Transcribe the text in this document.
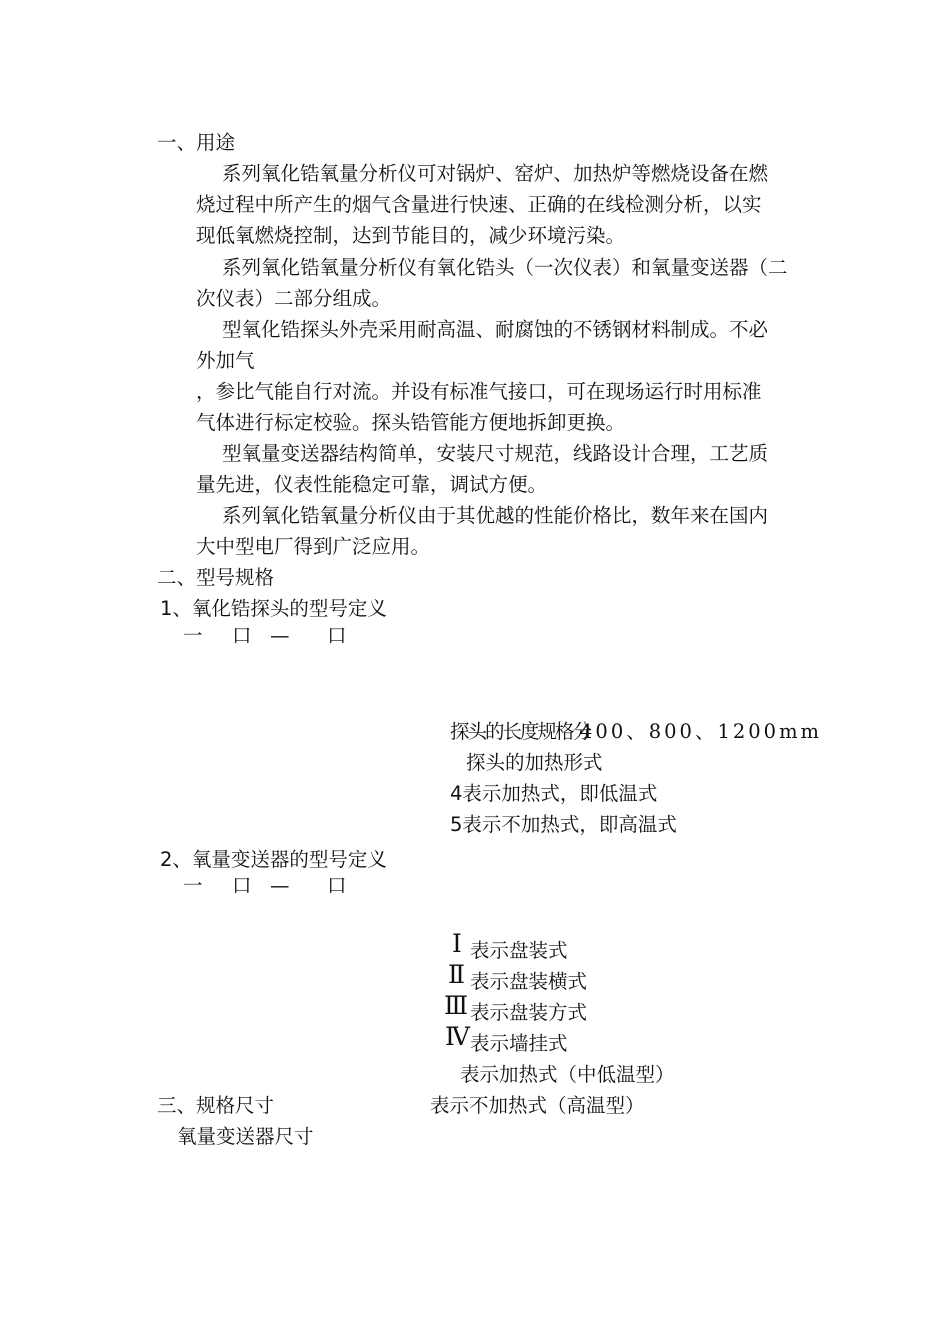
一、用途
系列氧化锆氧量分析仪可对锅炉、窑炉、加热炉等燃烧设备在燃
烧过程中所产生的烟气含量进行快速、正确的在线检测分析，以实
现低氧燃烧控制，达到节能目的，减少环境污染。
系列氧化锆氧量分析仪有氧化锆头（一次仪表）和氧量变送器（二
次仪表）二部分组成。
型氧化锆探头外壳采用耐高温、耐腐蚀的不锈钢材料制成。不必
外加气
，参比气能自行对流。并设有标准气接口，可在现场运行时用标准
气体进行标定校验。探头锆管能方便地拆卸更换。
型氧量变送器结构简单，安装尺寸规范，线路设计合理，工艺质
量先进，仪表性能稳定可靠，调试方便。
系列氧化锆氧量分析仪由于其优越的性能价格比，数年来在国内
大中型电厂得到广泛应用。
二、型号规格
1、氧化锆探头的型号定义
一 口 — 口
探头的长度规格分
400、800、1200mm
探头的加热形式
4表示加热式，即低温式
5表示不加热式，即高温式
2、氧量变送器的型号定义
一 口 — 口
Ⅰ 表示盘装式
Ⅱ 表示盘装横式
Ⅲ 表示盘装方式
Ⅳ 表示墙挂式
表示加热式（中低温型）
三、规格尺寸	表示不加热式（高温型）
氧量变送器尺寸
